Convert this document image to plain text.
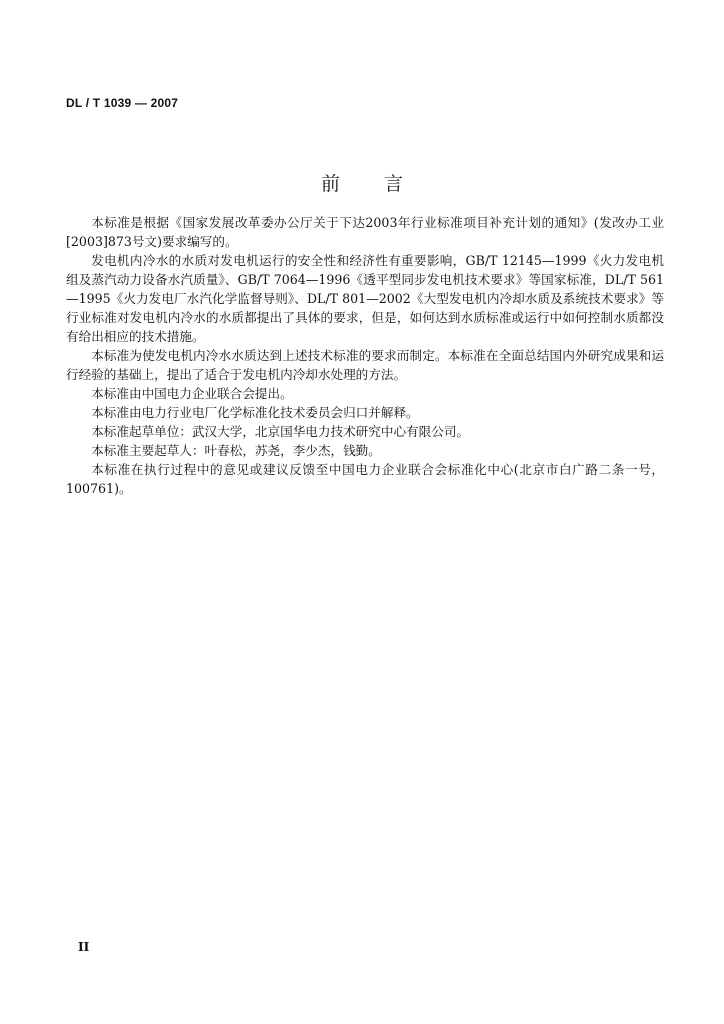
DL / T 1039 — 2007
前言

本标准是根据《国家发展改革委办公厅关于下达2003年行业标准项目补充计划的通知》(发改办工业[2003]873号文)要求编写的。

发电机内冷水的水质对发电机运行的安全性和经济性有重要影响，GB/T 12145—1999《火力发电机组及蒸汽动力设备水汽质量》、GB/T 7064—1996《透平型同步发电机技术要求》等国家标准，DL/T 561—1995《火力发电厂水汽化学监督导则》、DL/T 801—2002《大型发电机内冷却水质及系统技术要求》等行业标准对发电机内冷水的水质都提出了具体的要求，但是，如何达到水质标准或运行中如何控制水质都没有给出相应的技术措施。

本标准为使发电机内冷水水质达到上述技术标准的要求而制定。本标准在全面总结国内外研究成果和运行经验的基础上，提出了适合于发电机内冷却水处理的方法。

本标准由中国电力企业联合会提出。

本标准由电力行业电厂化学标准化技术委员会归口并解释。

本标准起草单位：武汉大学，北京国华电力技术研究中心有限公司。

本标准主要起草人：叶春松，苏尧，李少杰，钱勤。

本标准在执行过程中的意见或建议反馈至中国电力企业联合会标准化中心(北京市白广路二条一号，100761)。

II
